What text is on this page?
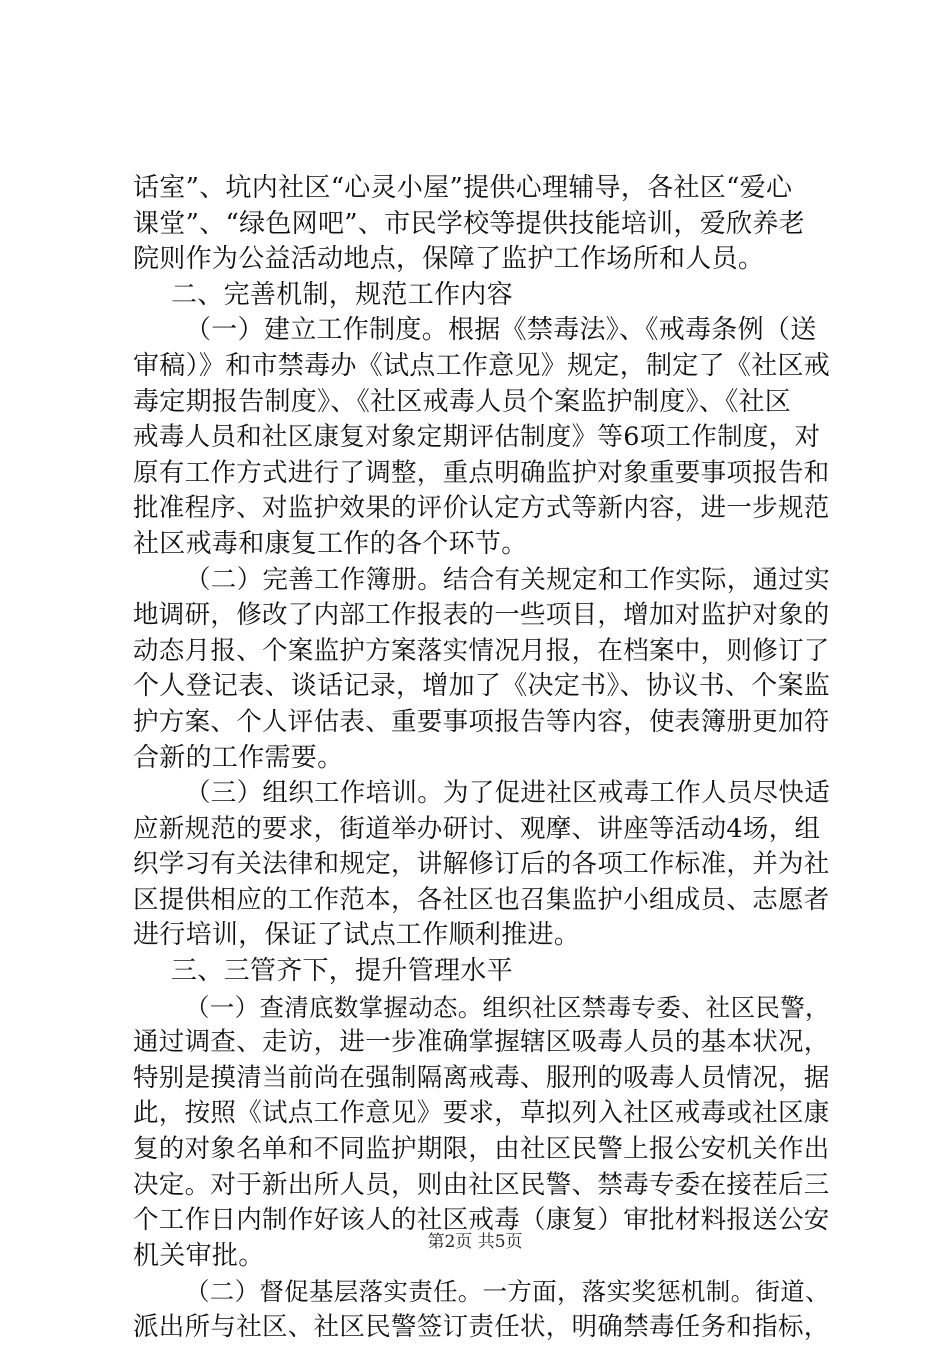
话室”、坑内社区“心灵小屋”提供心理辅导，各社区“爱心
课堂”、“绿色网吧”、市民学校等提供技能培训，爱欣养老
院则作为公益活动地点，保障了监护工作场所和人员。
二、完善机制，规范工作内容
（一）建立工作制度。根据《禁毒法》、《戒毒条例（送
审稿）》和市禁毒办《试点工作意见》规定，制定了《社区戒
毒定期报告制度》、《社区戒毒人员个案监护制度》、《社区
戒毒人员和社区康复对象定期评估制度》等6项工作制度，对
原有工作方式进行了调整，重点明确监护对象重要事项报告和
批准程序、对监护效果的评价认定方式等新内容，进一步规范
社区戒毒和康复工作的各个环节。
（二）完善工作簿册。结合有关规定和工作实际，通过实
地调研，修改了内部工作报表的一些项目，增加对监护对象的
动态月报、个案监护方案落实情况月报，在档案中，则修订了
个人登记表、谈话记录，增加了《决定书》、协议书、个案监
护方案、个人评估表、重要事项报告等内容，使表簿册更加符
合新的工作需要。
（三）组织工作培训。为了促进社区戒毒工作人员尽快适
应新规范的要求，街道举办研讨、观摩、讲座等活动4场，组
织学习有关法律和规定，讲解修订后的各项工作标准，并为社
区提供相应的工作范本，各社区也召集监护小组成员、志愿者
进行培训，保证了试点工作顺利推进。
三、三管齐下，提升管理水平
（一）查清底数掌握动态。组织社区禁毒专委、社区民警，
通过调查、走访，进一步准确掌握辖区吸毒人员的基本状况，
特别是摸清当前尚在强制隔离戒毒、服刑的吸毒人员情况，据
此，按照《试点工作意见》要求，草拟列入社区戒毒或社区康
复的对象名单和不同监护期限，由社区民警上报公安机关作出
决定。对于新出所人员，则由社区民警、禁毒专委在接茬后三
个工作日内制作好该人的社区戒毒（康复）审批材料报送公安
机关审批。
（二）督促基层落实责任。一方面，落实奖惩机制。街道、
派出所与社区、社区民警签订责任状，明确禁毒任务和指标，
第2页 共5页
